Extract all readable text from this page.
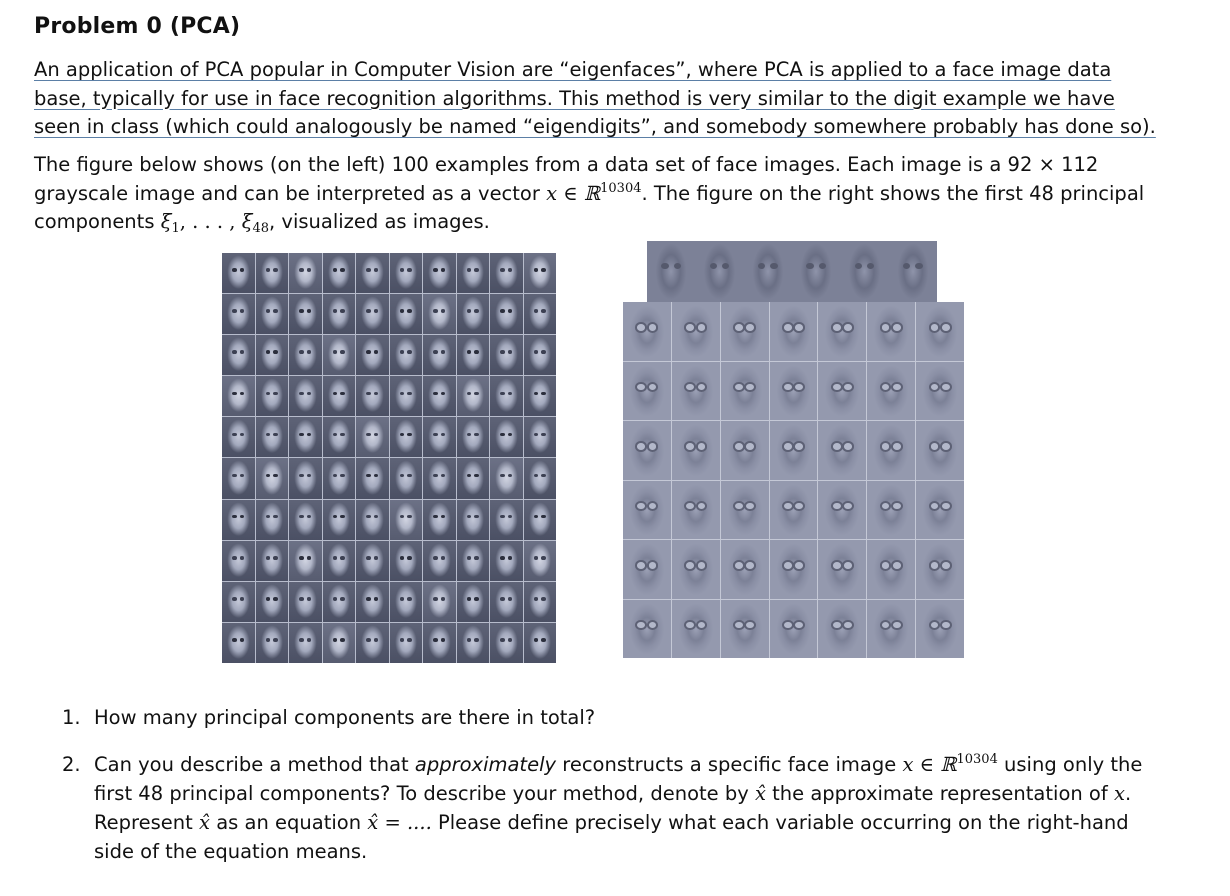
Problem 0 (PCA)
An application of PCA popular in Computer Vision are “eigenfaces”, where PCA is applied to a face image data base, typically for use in face recognition algorithms. This method is very similar to the digit example we have seen in class (which could analogously be named “eigendigits”, and somebody somewhere probably has done so).
The figure below shows (on the left) 100 examples from a data set of face images. Each image is a 92 × 112 grayscale image and can be interpreted as a vector x ∈ ℝ$^{10304}$. The figure on the right shows the first 48 principal components $\xi_1$, . . . , $\xi_{48}$, visualized as images.
1. How many principal components are there in total?
2. Can you describe a method that approximately reconstructs a specific face image x ∈ ℝ$^{10304}$ using only the first 48 principal components? To describe your method, denote by x̂ the approximate representation of x. Represent x̂ as an equation x̂ = .... Please define precisely what each variable occurring on the right-hand side of the equation means.
